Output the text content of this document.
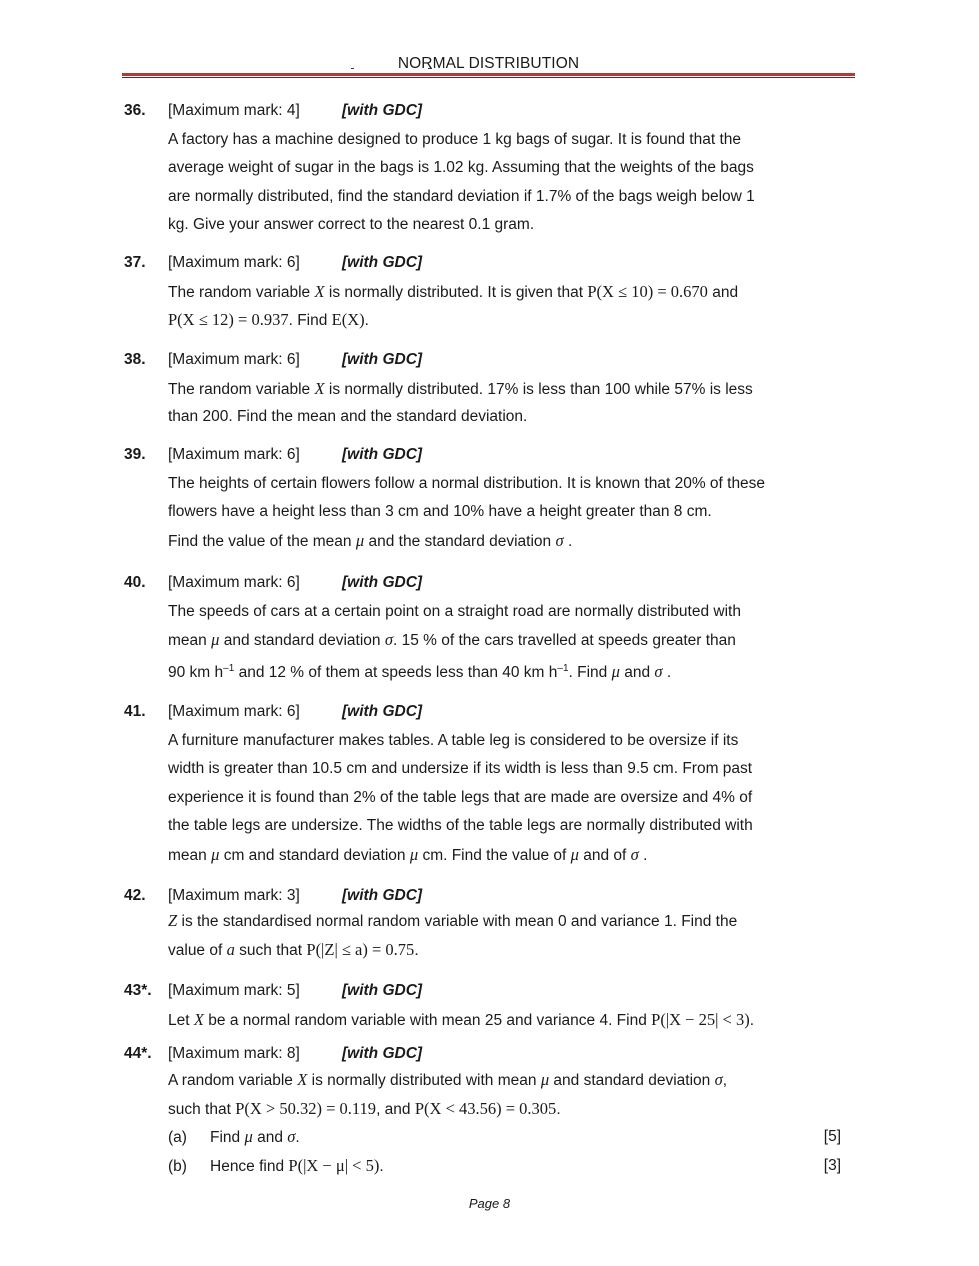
NORMAL DISTRIBUTION
36. [Maximum mark: 4]	[with GDC]
A factory has a machine designed to produce 1 kg bags of sugar. It is found that the
average weight of sugar in the bags is 1.02 kg. Assuming that the weights of the bags
are normally distributed, find the standard deviation if 1.7% of the bags weigh below 1
kg. Give your answer correct to the nearest 0.1 gram.
37. [Maximum mark: 6]	[with GDC]
The random variable X is normally distributed. It is given that P(X ≤ 10) = 0.670 and
P(X ≤ 12) = 0.937. Find E(X).
38. [Maximum mark: 6]	[with GDC]
The random variable X is normally distributed. 17% is less than 100 while 57% is less
than 200. Find the mean and the standard deviation.
39. [Maximum mark: 6]	[with GDC]
The heights of certain flowers follow a normal distribution. It is known that 20% of these
flowers have a height less than 3 cm and 10% have a height greater than 8 cm.
Find the value of the mean μ and the standard deviation σ .
40. [Maximum mark: 6]	[with GDC]
The speeds of cars at a certain point on a straight road are normally distributed with
mean μ and standard deviation σ. 15 % of the cars travelled at speeds greater than
90 km $h^{-1}$ and 12 % of them at speeds less than 40 km $h^{-1}$. Find μ and σ .
41. [Maximum mark: 6]	[with GDC]
A furniture manufacturer makes tables. A table leg is considered to be oversize if its
width is greater than 10.5 cm and undersize if its width is less than 9.5 cm. From past
experience it is found than 2% of the table legs that are made are oversize and 4% of
the table legs are undersize. The widths of the table legs are normally distributed with
mean μ cm and standard deviation μ cm. Find the value of μ and of σ .
42. [Maximum mark: 3]	[with GDC]
Z is the standardised normal random variable with mean 0 and variance 1. Find the
value of a such that P(|Z| ≤ a) = 0.75.
43*. [Maximum mark: 5]	[with GDC]
Let X be a normal random variable with mean 25 and variance 4. Find P(|X − 25| < 3).
44*. [Maximum mark: 8]	[with GDC]
A random variable X is normally distributed with mean μ and standard deviation σ,
such that P(X > 50.32) = 0.119, and P(X < 43.56) = 0.305.
(a) Find μ and σ.	[5]
(b) Hence find P(|X − μ| < 5).	[3]
Page 8
